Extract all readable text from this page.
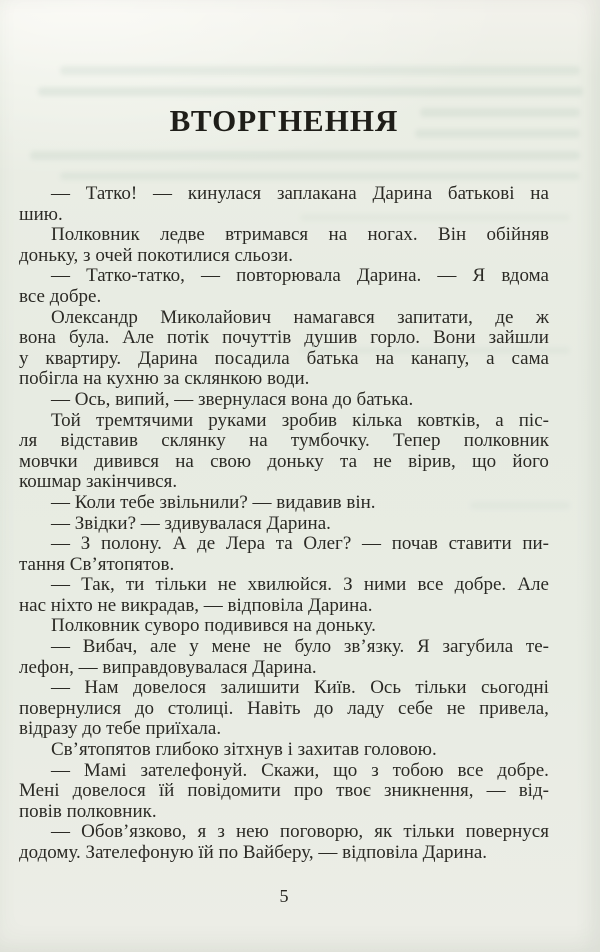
ВТОРГНЕННЯ
— Татко! — кинулася заплакана Дарина батькові на
шию.
Полковник ледве втримався на ногах. Він обійняв
доньку, з очей покотилися сльози.
— Татко-татко, — повторювала Дарина. — Я вдома
все добре.
Олександр Миколайович намагався запитати, де ж
вона була. Але потік почуттів душив горло. Вони зайшли
у квартиру. Дарина посадила батька на канапу, а сама
побігла на кухню за склянкою води.
— Ось, випий, — звернулася вона до батька.
Той тремтячими руками зробив кілька ковтків, а піс-
ля відставив склянку на тумбочку. Тепер полковник
мовчки дивився на свою доньку та не вірив, що його
кошмар закінчився.
— Коли тебе звільнили? — видавив він.
— Звідки? — здивувалася Дарина.
— З полону. А де Лера та Олег? — почав ставити пи-
тання Св’ятопятов.
— Так, ти тільки не хвилюйся. З ними все добре. Але
нас ніхто не викрадав, — відповіла Дарина.
Полковник суворо подивився на доньку.
— Вибач, але у мене не було зв’язку. Я загубила те-
лефон, — виправдовувалася Дарина.
— Нам довелося залишити Київ. Ось тільки сьогодні
повернулися до столиці. Навіть до ладу себе не привела,
відразу до тебе приїхала.
Св’ятопятов глибоко зітхнув і захитав головою.
— Мамі зателефонуй. Скажи, що з тобою все добре.
Мені довелося їй повідомити про твоє зникнення, — від-
повів полковник.
— Обов’язково, я з нею поговорю, як тільки повернуся
додому. Зателефоную їй по Вайберу, — відповіла Дарина.
5
